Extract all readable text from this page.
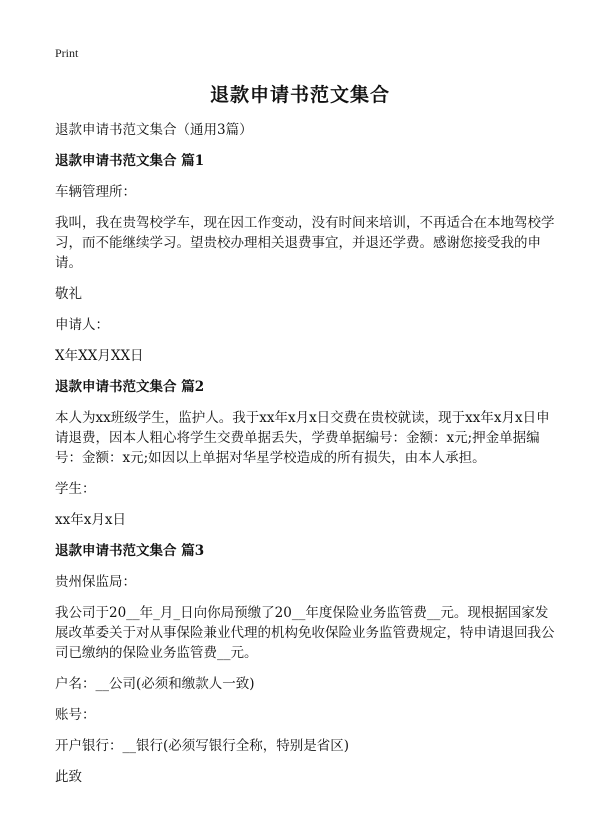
Print
退款申请书范文集合

退款申请书范文集合（通用3篇）

退款申请书范文集合 篇1

车辆管理所：

我叫，我在贵驾校学车，现在因工作变动，没有时间来培训，不再适合在本地驾校学习，而不能继续学习。望贵校办理相关退费事宜，并退还学费。感谢您接受我的申请。

敬礼

申请人：

X年XX月XX日

退款申请书范文集合 篇2

本人为xx班级学生，监护人。我于xx年x月x日交费在贵校就读，现于xx年x月x日申请退费，因本人粗心将学生交费单据丢失，学费单据编号：金额：x元;押金单据编号：金额：x元;如因以上单据对华星学校造成的所有损失，由本人承担。

学生：

xx年x月x日

退款申请书范文集合 篇3

贵州保监局：

我公司于20__年_月_日向你局预缴了20__年度保险业务监管费__元。现根据国家发展改革委关于对从事保险兼业代理的机构免收保险业务监管费规定，特申请退回我公司已缴纳的保险业务监管费__元。

户名：__公司(必须和缴款人一致)

账号：

开户银行：__银行(必须写银行全称，特别是省区)

此致
